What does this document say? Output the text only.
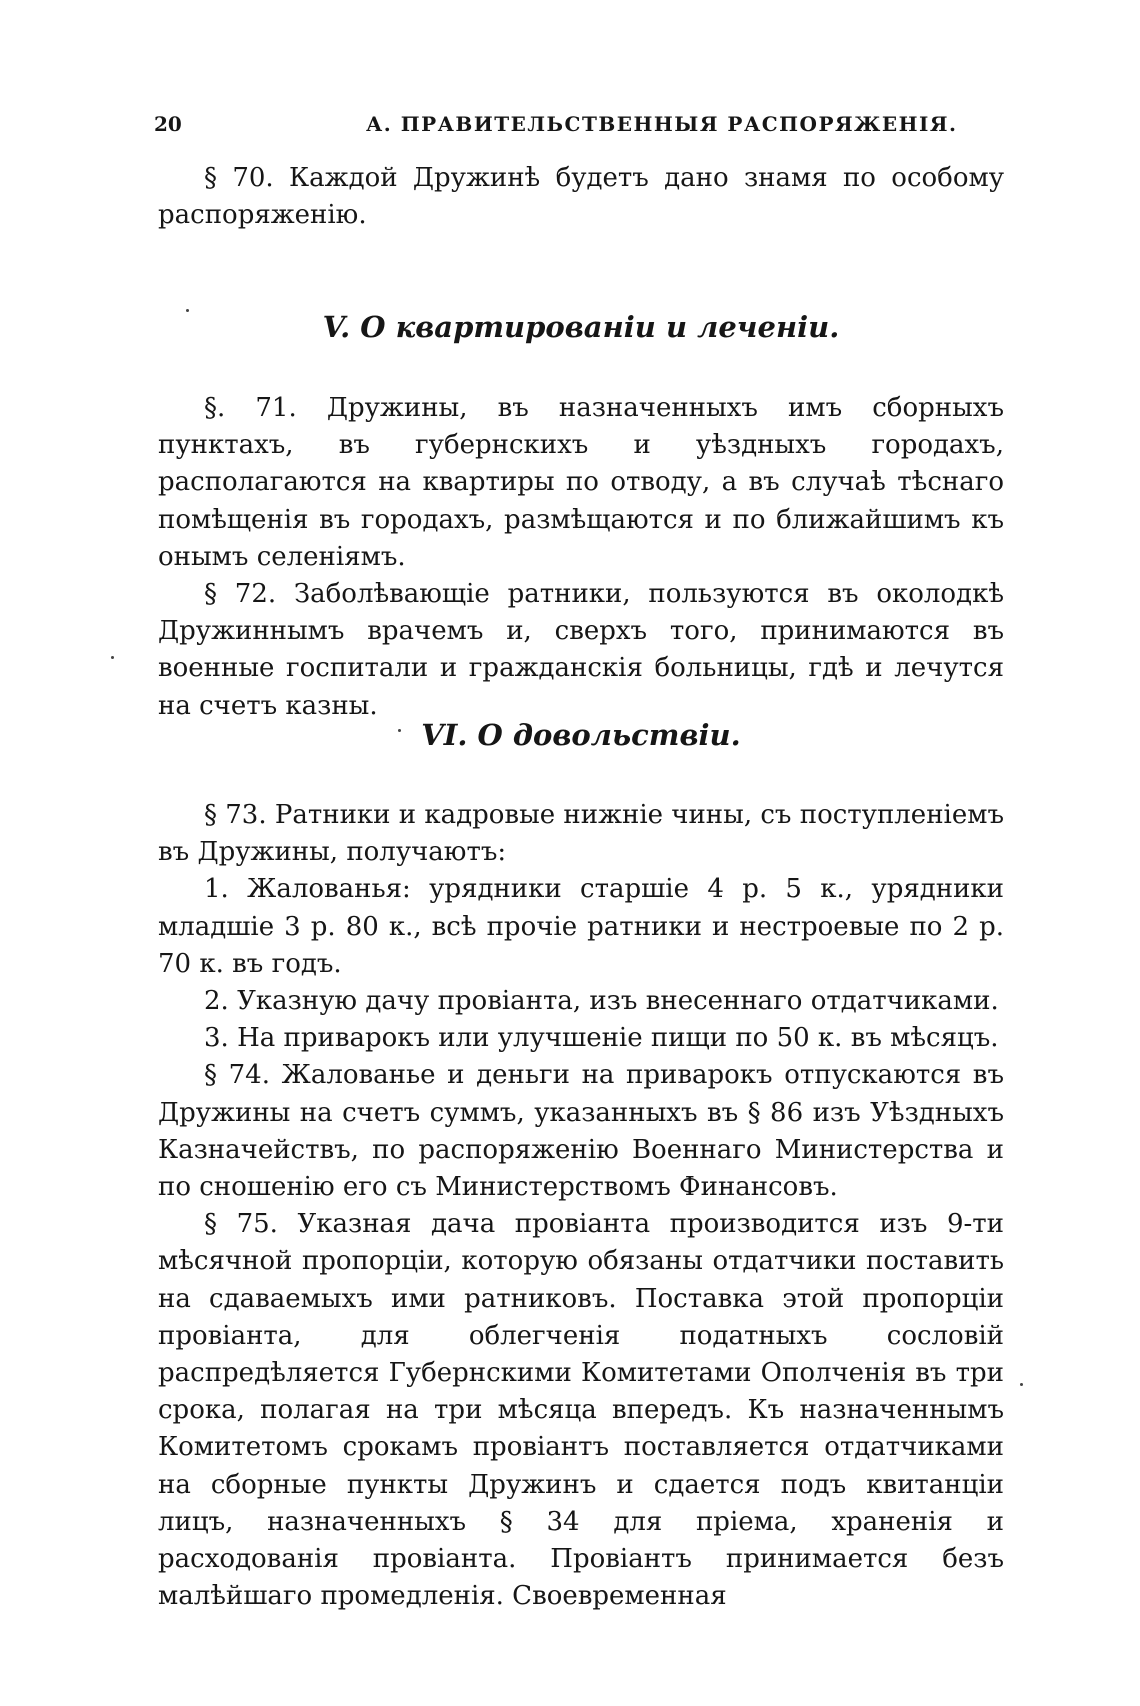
20	А. ПРАВИТЕЛЬСТВЕННЫЯ РАСПОРЯЖЕНІЯ.

§ 70. Каждой Дружинѣ будетъ дано знамя по особому распоряженію.

V. О квартированіи и леченіи.

§. 71. Дружины, въ назначенныхъ имъ сборныхъ пунктахъ, въ губернскихъ и уѣздныхъ городахъ, располагаются на квартиры по отводу, а въ случаѣ тѣснаго помѣщенія въ городахъ, размѣщаются и по ближайшимъ къ онымъ селеніямъ.

§ 72. Заболѣвающіе ратники, пользуются въ околодкѣ Дружиннымъ врачемъ и, сверхъ того, принимаются въ военные госпитали и гражданскія больницы, гдѣ и лечутся на счетъ казны.

VI. О довольствіи.

§ 73. Ратники и кадровые нижніе чины, съ поступленіемъ въ Дружины, получаютъ:

1. Жалованья: урядники старшіе 4 р. 5 к., урядники младшіе 3 р. 80 к., всѣ прочіе ратники и нестроевые по 2 р. 70 к. въ годъ.

2. Указную дачу провіанта, изъ внесеннаго отдатчиками.

3. На приварокъ или улучшеніе пищи по 50 к. въ мѣсяцъ.

§ 74. Жалованье и деньги на приварокъ отпускаются въ Дружины на счетъ суммъ, указанныхъ въ § 86 изъ Уѣздныхъ Казначействъ, по распоряженію Военнаго Министерства и по сношенію его съ Министерствомъ Финансовъ.

§ 75. Указная дача провіанта производится изъ 9-ти мѣсячной пропорціи, которую обязаны отдатчики поставить на сдаваемыхъ ими ратниковъ. Поставка этой пропорціи провіанта, для облегченія податныхъ сословій распредѣляется Губернскими Комитетами Ополченія въ три срока, полагая на три мѣсяца впередъ. Къ назначеннымъ Комитетомъ срокамъ провіантъ поставляется отдатчиками на сборные пункты Дружинъ и сдается подъ квитанціи лицъ, назначенныхъ § 34 для пріема, храненія и расходованія провіанта. Провіантъ принимается безъ малѣйшаго промедленія. Своевременная
